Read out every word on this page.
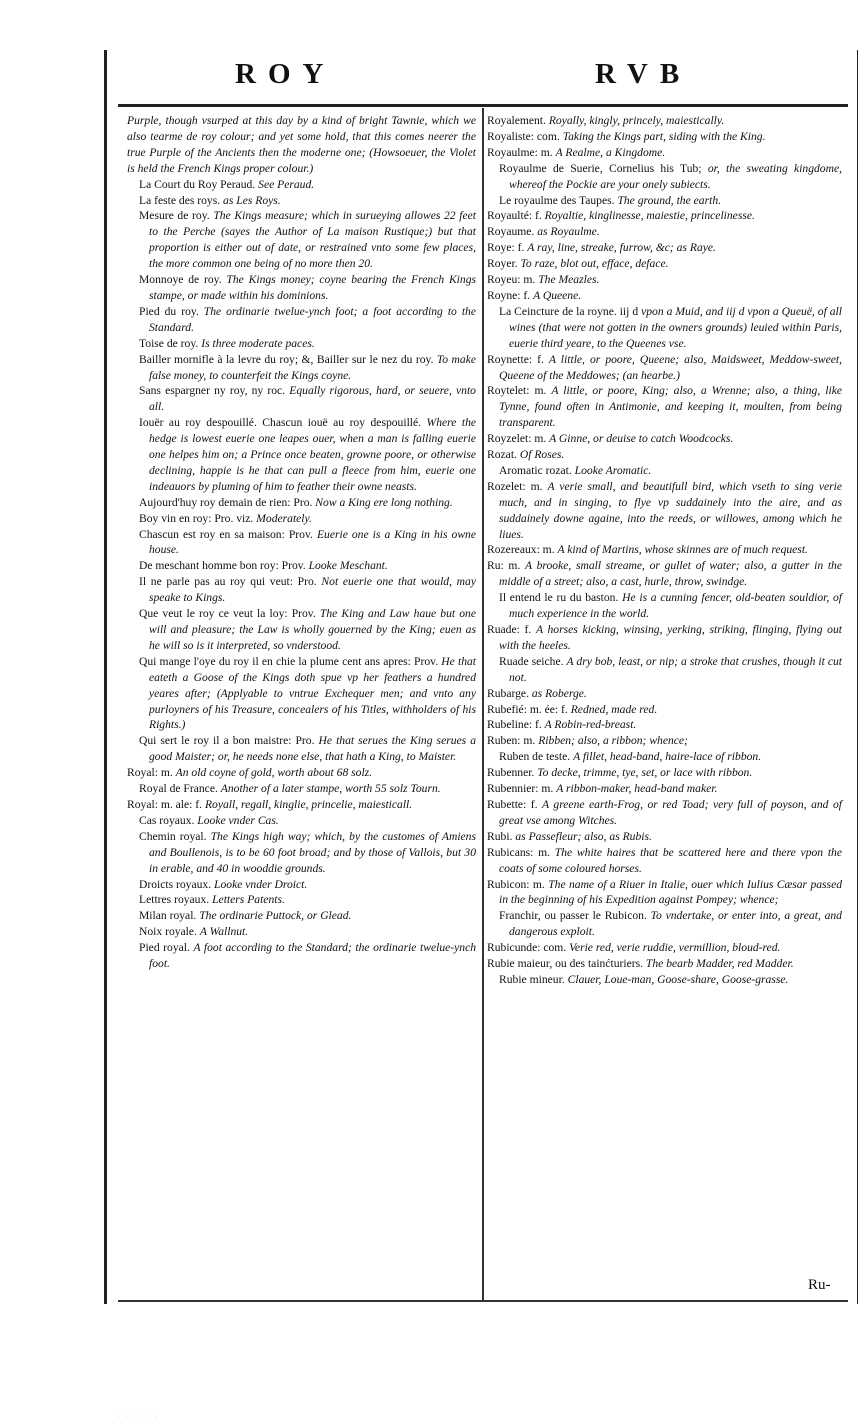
ROY	RVB

Purple, though vsurped at this day by a kind of bright Tawnie, which we also tearme de roy colour; and yet some hold, that this comes neerer the true Purple of the Ancients then the moderne one; (Howsoeuer, the Violet is held the French Kings proper colour.)

La Court du Roy Peraud. See Peraud.

La feste des roys. as Les Roys.

Mesure de roy. The Kings measure; which in surueying allowes 22 feet to the Perche (sayes the Author of La maison Rustique;) but that proportion is either out of date, or restrained vnto some few places, the more common one being of no more then 20.

Monnoye de roy. The Kings money; coyne bearing the French Kings stampe, or made within his dominions.

Pied du roy. The ordinarie twelue-ynch foot; a foot according to the Standard.

Toise de roy. Is three moderate paces.

Bailler mornifle à la levre du roy; &, Bailler sur le nez du roy. To make false money, to counterfeit the Kings coyne.

Sans espargner ny roy, ny roc. Equally rigorous, hard, or seuere, vnto all.

Iouër au roy despouillé. Chascun iouë au roy despouillé. Where the hedge is lowest euerie one leapes ouer, when a man is falling euerie one helpes him on; a Prince once beaten, growne poore, or otherwise declining, happie is he that can pull a fleece from him, euerie one indeauors by pluming of him to feather their owne neasts.

Aujourd'huy roy demain de rien: Pro. Now a King ere long nothing.

Boy vin en roy: Pro. viz. Moderately.

Chascun est roy en sa maison: Prov. Euerie one is a King in his owne house.

De meschant homme bon roy: Prov. Looke Meschant.

Il ne parle pas au roy qui veut: Pro. Not euerie one that would, may speake to Kings.

Que veut le roy ce veut la loy: Prov. The King and Law haue but one will and pleasure; the Law is wholly gouerned by the King; euen as he will so is it interpreted, so vnderstood.

Qui mange l'oye du roy il en chie la plume cent ans apres: Prov. He that eateth a Goose of the Kings doth spue vp her feathers a hundred yeares after; (Applyable to vntrue Exchequer men; and vnto any purloyners of his Treasure, concealers of his Titles, withholders of his Rights.)

Qui sert le roy il a bon maistre: Pro. He that serues the King serues a good Maister; or, he needs none else, that hath a King, to Maister.

Royal: m. An old coyne of gold, worth about 68 solz.

Royal de France. Another of a later stampe, worth 55 solz Tourn.

Royal: m. ale: f. Royall, regall, kinglie, princelie, maiesticall.

Cas royaux. Looke vnder Cas.

Chemin royal. The Kings high way; which, by the customes of Amiens and Boullenois, is to be 60 foot broad; and by those of Vallois, but 30 in erable, and 40 in wooddie grounds.

Droicts royaux. Looke vnder Droict.

Lettres royaux. Letters Patents.

Milan royal. The ordinarie Puttock, or Glead.

Noix royale. A Wallnut.

Pied royal. A foot according to the Standard; the ordinarie twelue-ynch foot.

Royalement. Royally, kingly, princely, maiestically.

Royaliste: com. Taking the Kings part, siding with the King.

Royaulme: m. A Realme, a Kingdome.

Royaulme de Suerie, Cornelius his Tub; or, the sweating kingdome, whereof the Pockie are your onely subiects.

Le royaulme des Taupes. The ground, the earth.

Royaulté: f. Royaltie, kinglinesse, maiestie, princelinesse.

Royaume. as Royaulme.

Roye: f. A ray, line, streake, furrow, &c; as Raye.

Royer. To raze, blot out, efface, deface.

Royeu: m. The Meazles.

Royne: f. A Queene.

La Ceincture de la royne. iij d vpon a Muid, and iij d vpon a Queuë, of all wines (that were not gotten in the owners grounds) leuied within Paris, euerie third yeare, to the Queenes vse.

Roynette: f. A little, or poore, Queene; also, Maidsweet, Meddow-sweet, Queene of the Meddowes; (an hearbe.)

Roytelet: m. A little, or poore, King; also, a Wrenne; also, a thing, like Tynne, found often in Antimonie, and keeping it, moulten, from being transparent.

Royzelet: m. A Ginne, or deuise to catch Woodcocks.

Rozat. Of Roses.

Aromatic rozat. Looke Aromatic.

Rozelet: m. A verie small, and beautifull bird, which vseth to sing verie much, and in singing, to flye vp suddainely into the aire, and as suddainely downe againe, into the reeds, or willowes, among which he liues.

Rozereaux: m. A kind of Martins, whose skinnes are of much request.

Ru: m. A brooke, small streame, or gullet of water; also, a gutter in the middle of a street; also, a cast, hurle, throw, swindge.

Il entend le ru du baston. He is a cunning fencer, old-beaten souldior, of much experience in the world.

Ruade: f. A horses kicking, winsing, yerking, striking, flinging, flying out with the heeles.

Ruade seiche. A dry bob, least, or nip; a stroke that crushes, though it cut not.

Rubarge. as Roberge.

Rubefié: m. ée: f. Redned, made red.

Rubeline: f. A Robin-red-breast.

Ruben: m. Ribben; also, a ribbon; whence;

Ruben de teste. A fillet, head-band, haire-lace of ribbon.

Rubenner. To decke, trimme, tye, set, or lace with ribbon.

Rubennier: m. A ribbon-maker, head-band maker.

Rubette: f. A greene earth-Frog, or red Toad; very full of poyson, and of great vse among Witches.

Rubi. as Passefleur; also, as Rubis.

Rubicans: m. The white haires that be scattered here and there vpon the coats of some coloured horses.

Rubicon: m. The name of a Riuer in Italie, ouer which Iulius Cæsar passed in the beginning of his Expedition against Pompey; whence;

Franchir, ou passer le Rubicon. To vndertake, or enter into, a great, and dangerous exploit.

Rubicunde: com. Verie red, verie ruddie, vermillion, bloud-red.

Rubie maieur, ou des tainćturiers. The bearb Madder, red Madder.

Rubie mineur. Clauer, Loue-man, Goose-share, Goose-grasse.

Ru-
· · · · · ·
